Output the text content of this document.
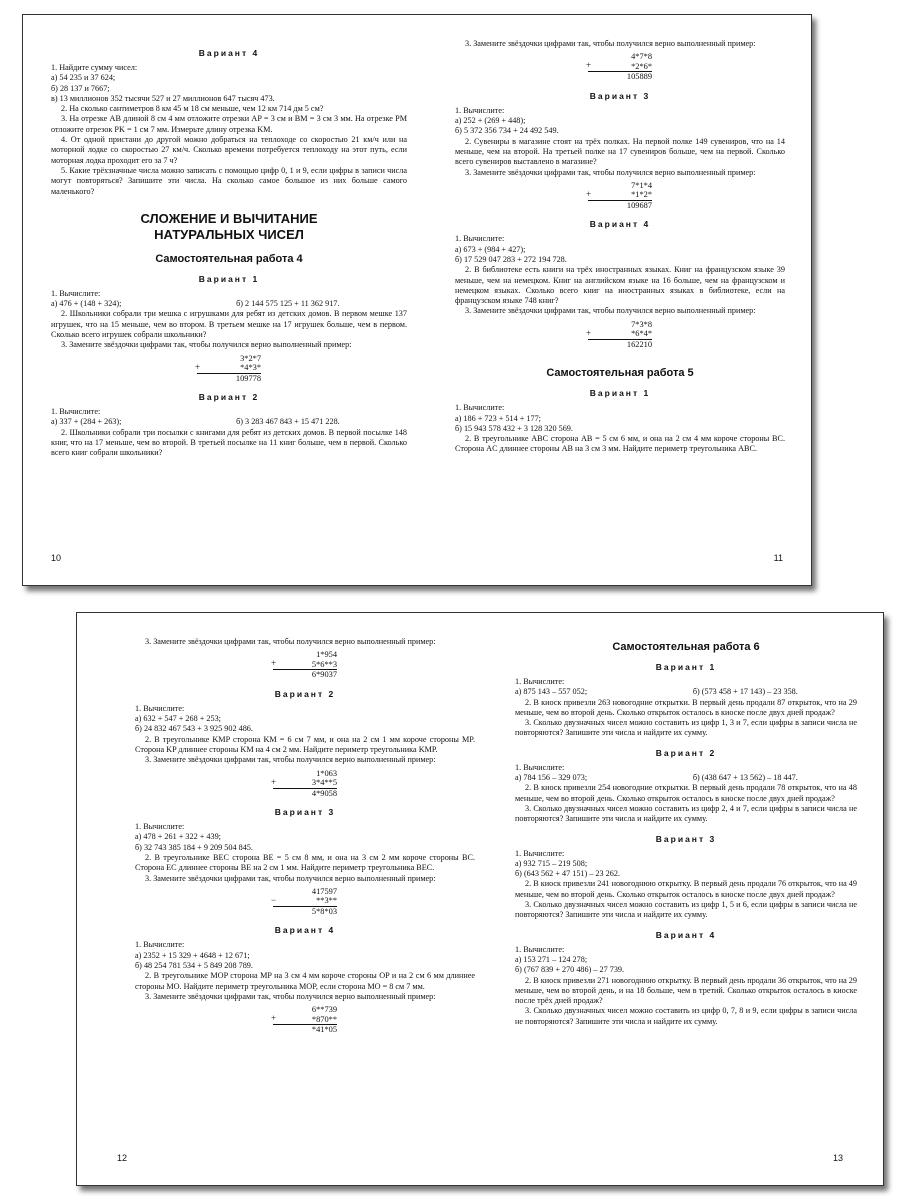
Вариант 4

1. Найдите сумму чисел:

а) 54 235 и 37 624;

б) 28 137 и 7667;

в) 13 миллионов 352 тысячи 527 и 27 миллионов 647 тысяч 473.

2. На сколько сантиметров 8 км 45 м 18 см меньше, чем 12 км 714 дм 5 см?

3. На отрезке AB длиной 8 см 4 мм отложите отрезки AP = 3 см и BM = 3 см 3 мм. На отрезке PM отложите отрезок PK = 1 см 7 мм. Измерьте длину отрезка KM.

4. От одной пристани до другой можно добраться на теплоходе со скоростью 21 км/ч или на моторной лодке со скоростью 27 км/ч. Сколько времени потребуется теплоходу на этот путь, если моторная лодка проходит его за 7 ч?

5. Какие трёхзначные числа можно записать с помощью цифр 0, 1 и 9, если цифры в записи числа могут повторяться? Запишите эти числа. На сколько самое большое из них больше самого маленького?

СЛОЖЕНИЕ И ВЫЧИТАНИЕ
НАТУРАЛЬНЫХ ЧИСЕЛ
Самостоятельная работа 4
Вариант 1

1. Вычислите:

а) 476 + (148 + 324);	б) 2 144 575 125 + 11 362 917.

2. Школьники собрали три мешка с игрушками для ребят из детских домов. В первом мешке 137 игрушек, что на 15 меньше, чем во втором. В третьем мешке на 17 игрушек больше, чем в первом. Сколько всего игрушек собрали школьники?

3. Замените звёздочки цифрами так, чтобы получился верно выполненный пример:

3*2*7
+	*4*3*
109778
Вариант 2

1. Вычислите:

а) 337 + (284 + 263);	б) 3 283 467 843 + 15 471 228.

2. Школьники собрали три посылки с книгами для ребят из детских домов. В первой посылке 148 книг, что на 17 меньше, чем во второй. В третьей посылке на 11 книг больше, чем в первой. Сколько всего книг собрали школьники?

10

3. Замените звёздочки цифрами так, чтобы получился верно выполненный пример:

4*7*8
+	*2*6*
105889
Вариант 3

1. Вычислите:

а) 252 + (269 + 448);

б) 5 372 356 734 + 24 492 549.

2. Сувениры в магазине стоят на трёх полках. На первой полке 149 сувениров, что на 14 меньше, чем на второй. На третьей полке на 17 сувениров больше, чем на первой. Сколько всего сувениров выставлено в магазине?

3. Замените звёздочки цифрами так, чтобы получился верно выполненный пример:

7*1*4
+	*1*2*
109687
Вариант 4

1. Вычислите:

а) 673 + (984 + 427);

б) 17 529 047 283 + 272 194 728.

2. В библиотеке есть книги на трёх иностранных языках. Книг на французском языке 39 меньше, чем на немецком. Книг на английском языке на 16 больше, чем на французском и немецком языках. Сколько всего книг на иностранных языках в библиотеке, если на французском языке 748 книг?

3. Замените звёздочки цифрами так, чтобы получился верно выполненный пример:

7*3*8
+	*6*4*
162210
Самостоятельная работа 5
Вариант 1

1. Вычислите:

а) 186 + 723 + 514 + 177;

б) 15 943 578 432 + 3 128 320 569.

2. В треугольнике ABC сторона AB = 5 см 6 мм, и она на 2 см 4 мм короче стороны BC. Сторона AC длиннее стороны AB на 3 см 3 мм. Найдите периметр треугольника ABC.

11

3. Замените звёздочки цифрами так, чтобы получился верно выполненный пример:

1*954
+	5*6**3
6*9037
Вариант 2

1. Вычислите:

а) 632 + 547 + 268 + 253;

б) 24 832 467 543 + 3 925 902 486.

2. В треугольнике KMP сторона KM = 6 см 7 мм, и она на 2 см 1 мм короче стороны MP. Сторона KP длиннее стороны KM на 4 см 2 мм. Найдите периметр треугольника KMP.

3. Замените звёздочки цифрами так, чтобы получился верно выполненный пример:

1*063
+	3*4**5
4*9058
Вариант 3

1. Вычислите:

а) 478 + 261 + 322 + 439;

б) 32 743 385 184 + 9 209 504 845.

2. В треугольнике BEC сторона BE = 5 см 8 мм, и она на 3 см 2 мм короче стороны BC. Сторона EC длиннее стороны BE на 2 см 1 мм. Найдите периметр треугольника BEC.

3. Замените звёздочки цифрами так, чтобы получился верно выполненный пример:

417597
−	**3**
5*8*03
Вариант 4

1. Вычислите:

а) 2352 + 15 329 + 4648 + 12 671;

б) 48 254 781 534 + 5 849 208 789.

2. В треугольнике MOP сторона MP на 3 см 4 мм короче стороны OP и на 2 см 6 мм длиннее стороны MO. Найдите периметр треугольника MOP, если сторона MO = 8 см 7 мм.

3. Замените звёздочки цифрами так, чтобы получился верно выполненный пример:

6**739
+	*870**
*41*05
12
Самостоятельная работа 6
Вариант 1

1. Вычислите:

а) 875 143 – 557 052;	б) (573 458 + 17 143) – 23 358.

2. В киоск привезли 263 новогодние открытки. В первый день продали 87 открыток, что на 29 меньше, чем во второй день. Сколько открыток осталось в киоске после двух дней продаж?

3. Сколько двузначных чисел можно составить из цифр 1, 3 и 7, если цифры в записи числа не повторяются? Запишите эти числа и найдите их сумму.

Вариант 2

1. Вычислите:

а) 784 156 – 329 073;	б) (438 647 + 13 562) – 18 447.

2. В киоск привезли 254 новогодние открытки. В первый день продали 78 открыток, что на 48 меньше, чем во второй день. Сколько открыток осталось в киоске после двух дней продаж?

3. Сколько двузначных чисел можно составить из цифр 2, 4 и 7, если цифры в записи числа не повторяются? Запишите эти числа и найдите их сумму.

Вариант 3

1. Вычислите:

а) 932 715 – 219 508;

б) (643 562 + 47 151) – 23 262.

2. В киоск привезли 241 новогоднюю открытку. В первый день продали 76 открыток, что на 49 меньше, чем во второй день. Сколько открыток осталось в киоске после двух дней продаж?

3. Сколько двузначных чисел можно составить из цифр 1, 5 и 6, если цифры в записи числа не повторяются? Запишите эти числа и найдите их сумму.

Вариант 4

1. Вычислите:

а) 153 271 – 124 278;

б) (767 839 + 270 486) – 27 739.

2. В киоск привезли 271 новогоднюю открытку. В первый день продали 36 открыток, что на 29 меньше, чем во второй день, и на 18 больше, чем в третий. Сколько открыток осталось в киоске после трёх дней продаж?

3. Сколько двузначных чисел можно составить из цифр 0, 7, 8 и 9, если цифры в записи числа не повторяются? Запишите эти числа и найдите их сумму.

13
